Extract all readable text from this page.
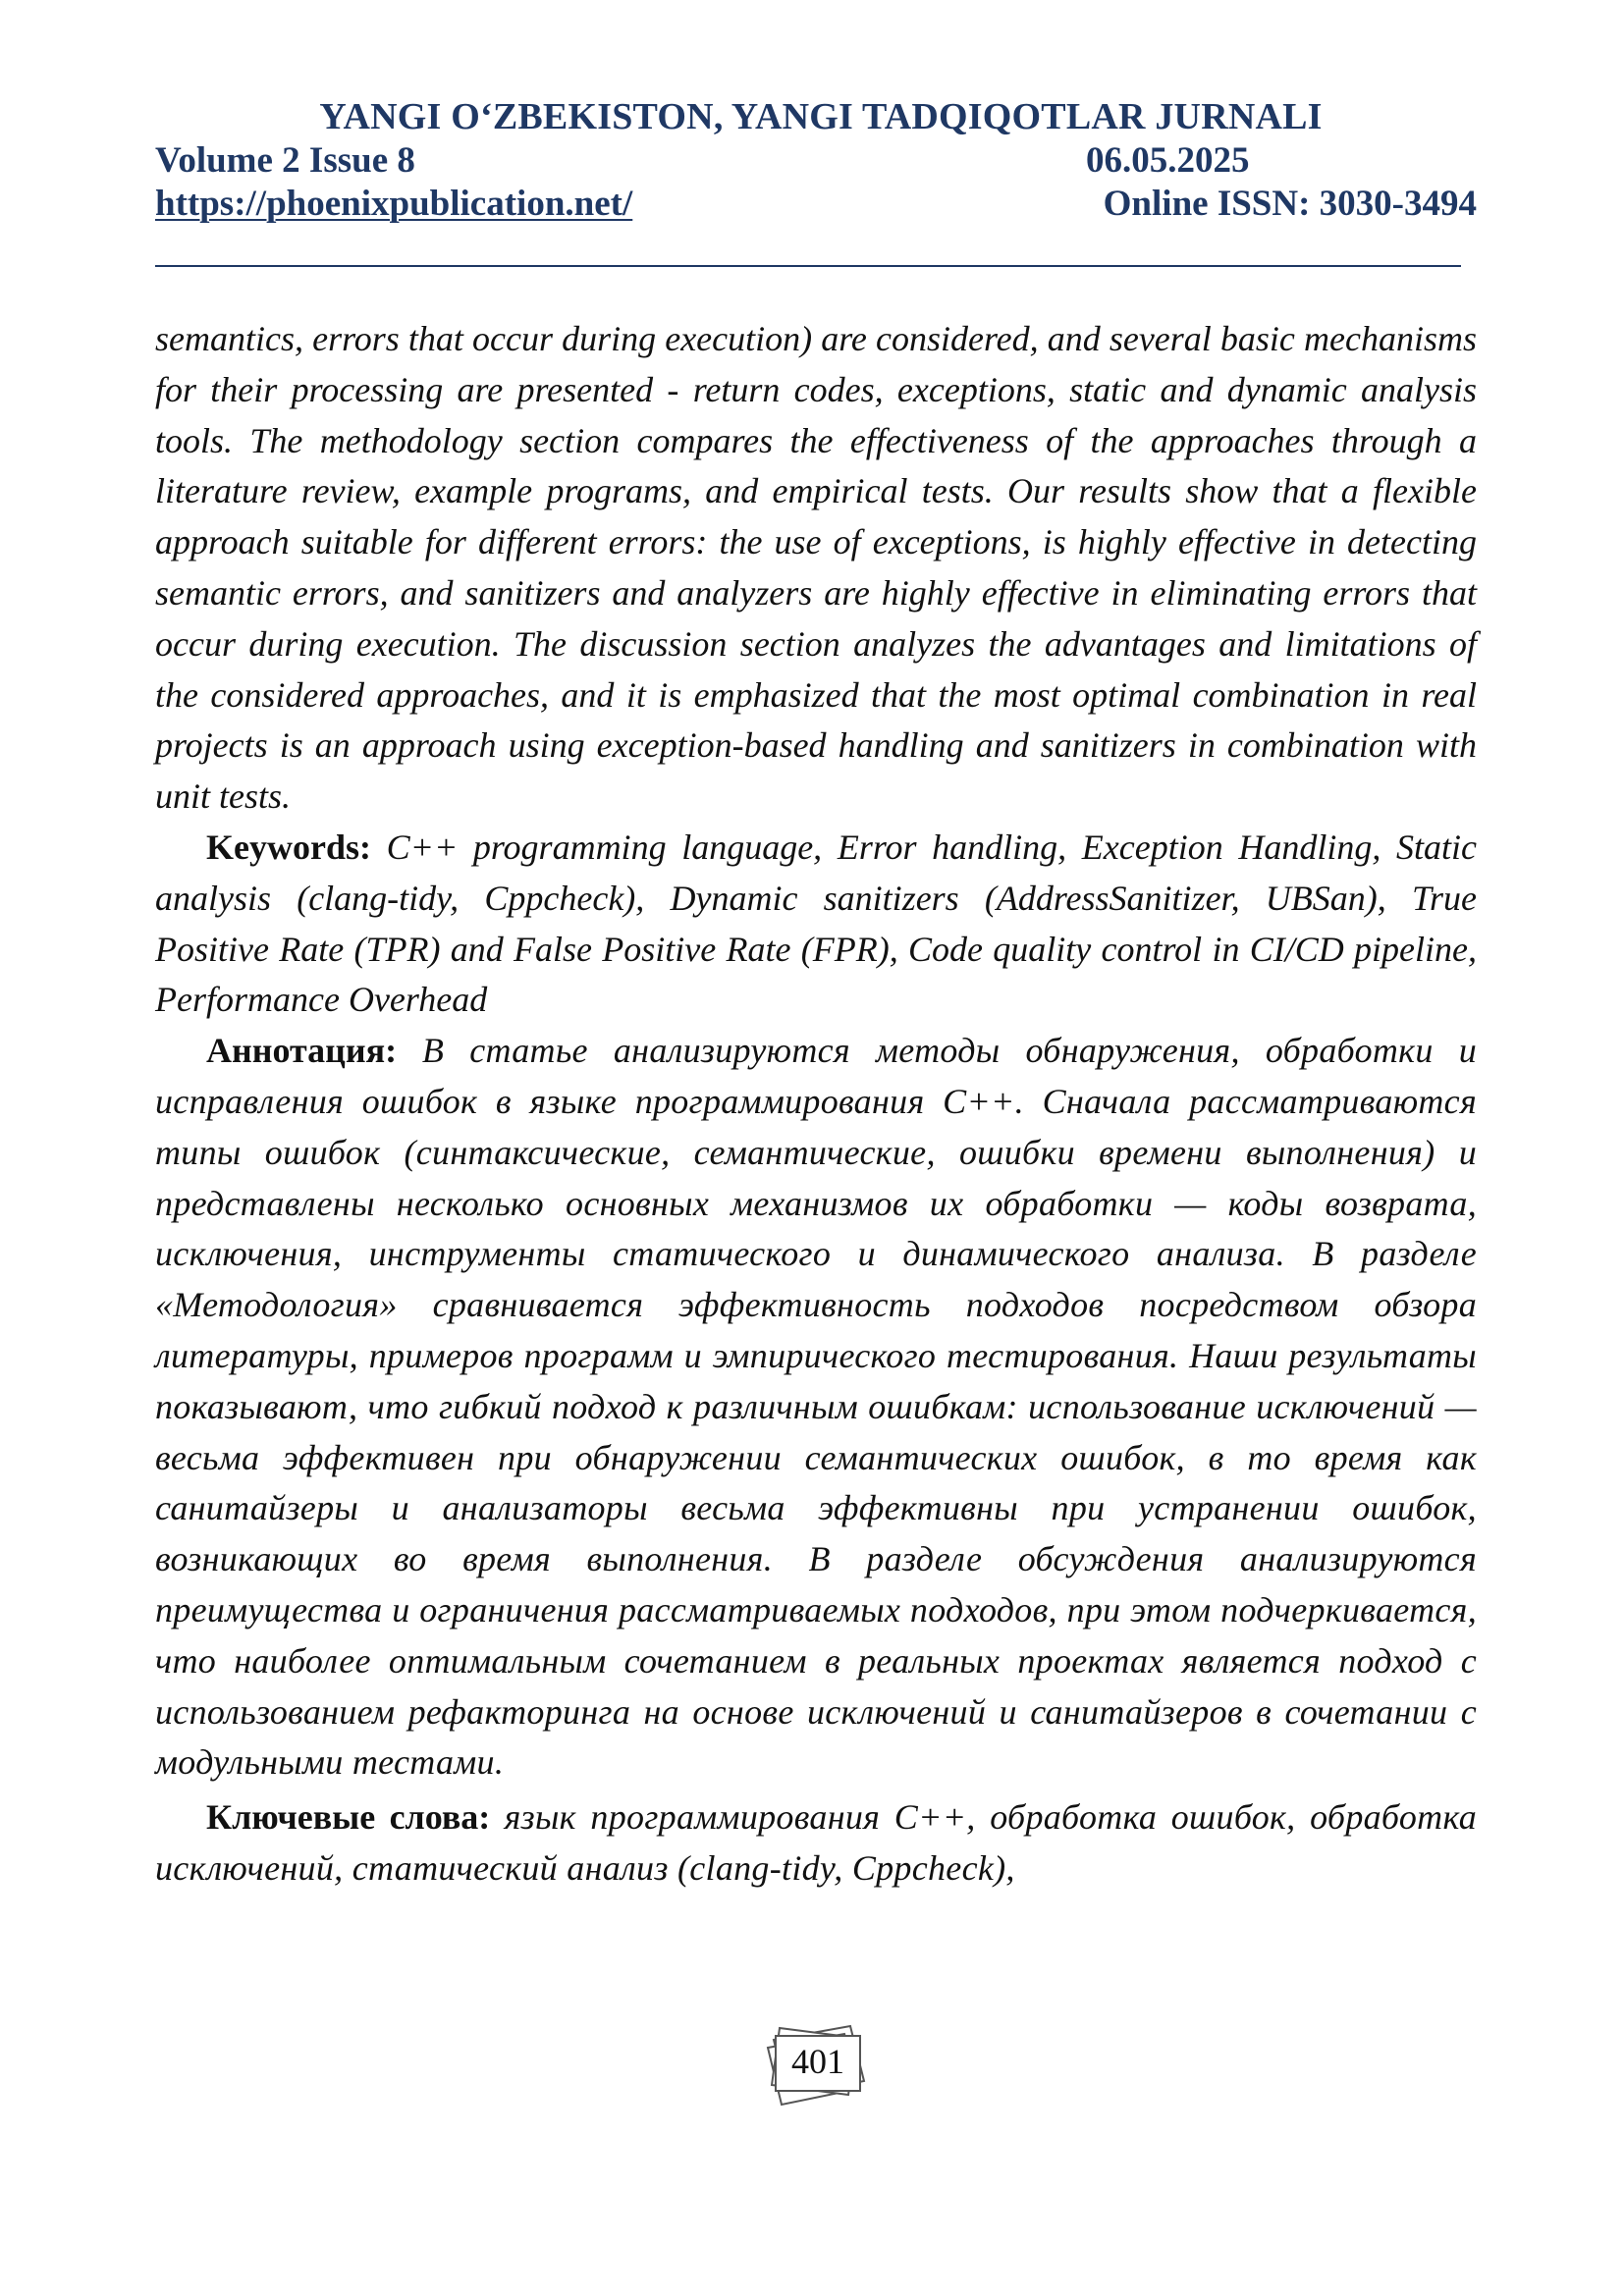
YANGI O‘ZBEKISTON, YANGI TADQIQOTLAR JURNALI
Volume 2 Issue 8	06.05.2025
https://phoenixpublication.net/	Online ISSN: 3030-3494

semantics, errors that occur during execution) are considered, and several basic mechanisms for their processing are presented - return codes, exceptions, static and dynamic analysis tools. The methodology section compares the effectiveness of the approaches through a literature review, example programs, and empirical tests. Our results show that a flexible approach suitable for different errors: the use of exceptions, is highly effective in detecting semantic errors, and sanitizers and analyzers are highly effective in eliminating errors that occur during execution. The discussion section analyzes the advantages and limitations of the considered approaches, and it is emphasized that the most optimal combination in real projects is an approach using exception-based handling and sanitizers in combination with unit tests.

Keywords: C++ programming language, Error handling, Exception Handling, Static analysis (clang-tidy, Cppcheck), Dynamic sanitizers (AddressSanitizer, UBSan), True Positive Rate (TPR) and False Positive Rate (FPR), Code quality control in CI/CD pipeline, Performance Overhead

Аннотация: В статье анализируются методы обнаружения, обработки и исправления ошибок в языке программирования С++. Сначала рассматриваются типы ошибок (синтаксические, семантические, ошибки времени выполнения) и представлены несколько основных механизмов их обработки — коды возврата, исключения, инструменты статического и динамического анализа. В разделе «Методология» сравнивается эффективность подходов посредством обзора литературы, примеров программ и эмпирического тестирования. Наши результаты показывают, что гибкий подход к различным ошибкам: использование исключений — весьма эффективен при обнаружении семантических ошибок, в то время как санитайзеры и анализаторы весьма эффективны при устранении ошибок, возникающих во время выполнения. В разделе обсуждения анализируются преимущества и ограничения рассматриваемых подходов, при этом подчеркивается, что наиболее оптимальным сочетанием в реальных проектах является подход с использованием рефакторинга на основе исключений и санитайзеров в сочетании с модульными тестами.

Ключевые слова: язык программирования С++, обработка ошибок, обработка исключений, статический анализ (clang-tidy, Cppcheck),

401
